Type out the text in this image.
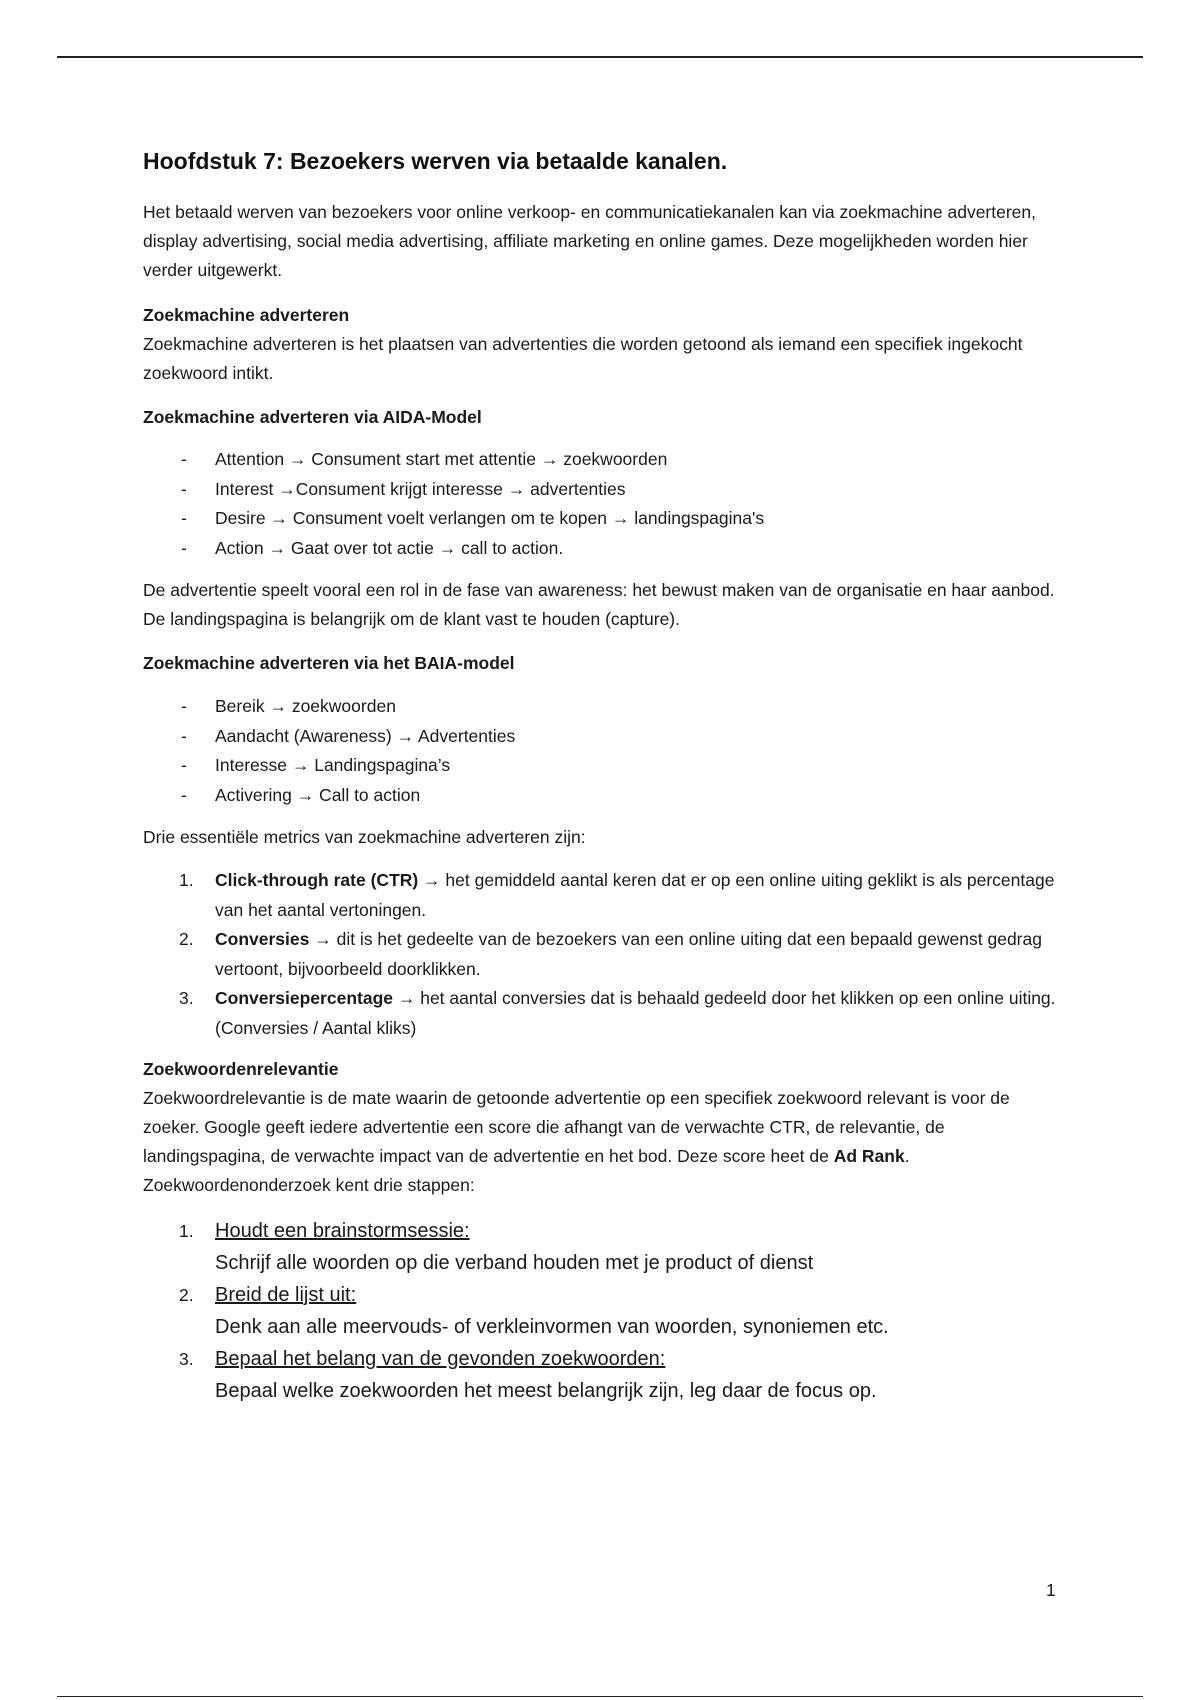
Hoofdstuk 7: Bezoekers werven via betaalde kanalen.

Het betaald werven van bezoekers voor online verkoop- en communicatiekanalen kan via zoekmachine adverteren, display advertising, social media advertising, affiliate marketing en online games. Deze mogelijkheden worden hier verder uitgewerkt.

Zoekmachine adverteren

Zoekmachine adverteren is het plaatsen van advertenties die worden getoond als iemand een specifiek ingekocht zoekwoord intikt.

Zoekmachine adverteren via AIDA-Model
- Attention → Consument start met attentie → zoekwoorden
- Interest →Consument krijgt interesse → advertenties
- Desire → Consument voelt verlangen om te kopen → landingspagina's
- Action → Gaat over tot actie → call to action.

De advertentie speelt vooral een rol in de fase van awareness: het bewust maken van de organisatie en haar aanbod. De landingspagina is belangrijk om de klant vast te houden (capture).

Zoekmachine adverteren via het BAIA-model
- Bereik → zoekwoorden
- Aandacht (Awareness) → Advertenties
- Interesse → Landingspagina’s
- Activering → Call to action

Drie essentiële metrics van zoekmachine adverteren zijn:

1. Click-through rate (CTR) → het gemiddeld aantal keren dat er op een online uiting geklikt is als percentage van het aantal vertoningen.
2. Conversies → dit is het gedeelte van de bezoekers van een online uiting dat een bepaald gewenst gedrag vertoont, bijvoorbeeld doorklikken.
3. Conversiepercentage → het aantal conversies dat is behaald gedeeld door het klikken op een online uiting. (Conversies / Aantal kliks)
Zoekwoordenrelevantie

Zoekwoordrelevantie is de mate waarin de getoonde advertentie op een specifiek zoekwoord relevant is voor de zoeker. Google geeft iedere advertentie een score die afhangt van de verwachte CTR, de relevantie, de landingspagina, de verwachte impact van de advertentie en het bod. Deze score heet de Ad Rank. Zoekwoordenonderzoek kent drie stappen:

1. Houdt een brainstormsessie:
Schrijf alle woorden op die verband houden met je product of dienst
2. Breid de lijst uit:
Denk aan alle meervouds- of verkleinvormen van woorden, synoniemen etc.
3. Bepaal het belang van de gevonden zoekwoorden:
Bepaal welke zoekwoorden het meest belangrijk zijn, leg daar de focus op.
1
